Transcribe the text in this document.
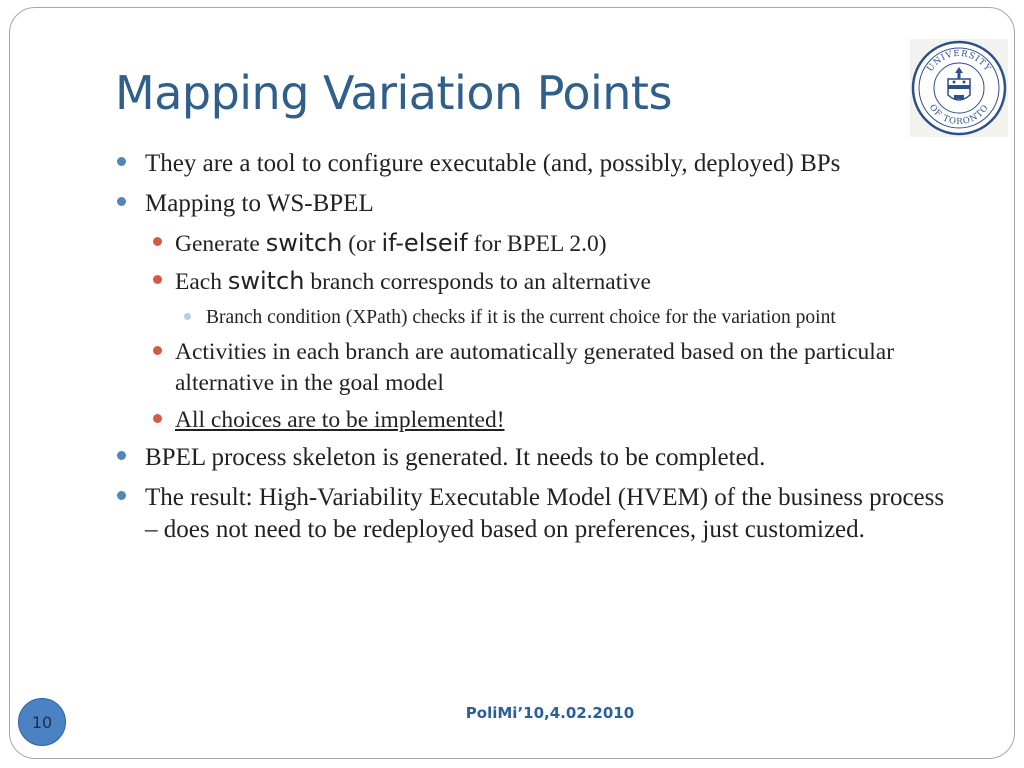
Mapping Variation Points	UNIVERSITY
OF TORONTO
They are a tool to configure executable (and, possibly, deployed) BPs
Mapping to WS-BPEL
Generate switch (or if-elseif for BPEL 2.0)
Each switch branch corresponds to an alternative
Branch condition (XPath) checks if it is the current choice for the variation point
Activities in each branch are automatically generated based on the particular alternative in the goal model
All choices are to be implemented!
BPEL process skeleton is generated. It needs to be completed.
The result: High-Variability Executable Model (HVEM) of the business process – does not need to be redeployed based on preferences, just customized.
10	PoliMi’10,4.02.2010
